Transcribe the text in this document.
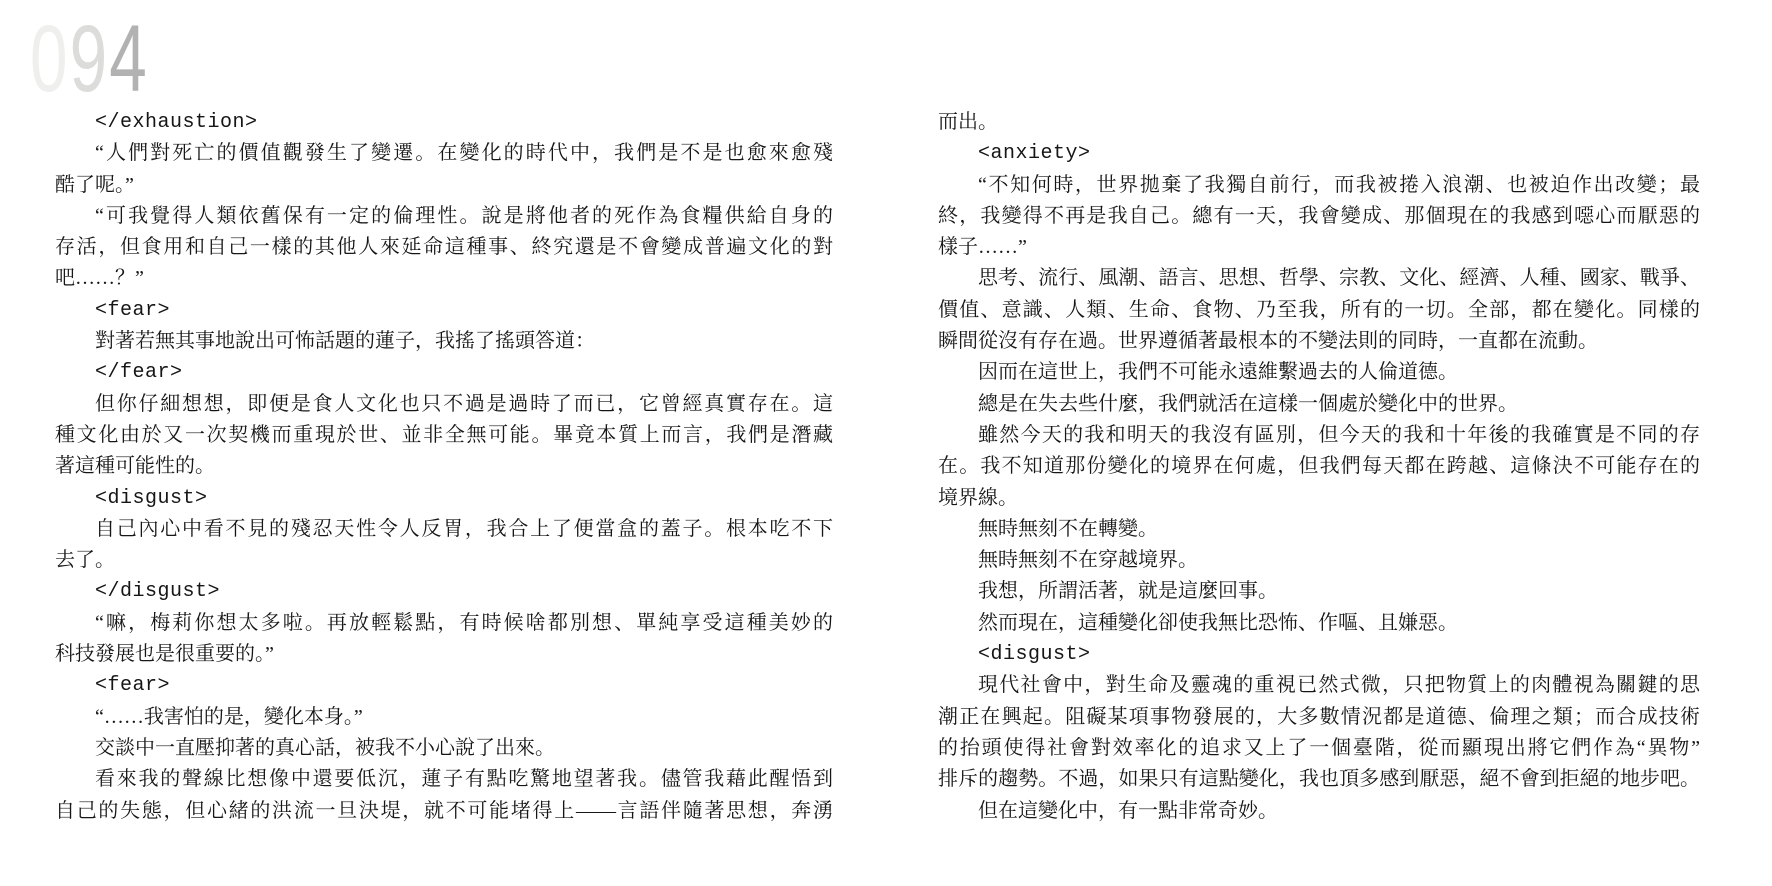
094
</exhaustion>
“人們對死亡的價值觀發生了變遷。在變化的時代中，我們是不是也愈來愈殘
酷了呢。”
“可我覺得人類依舊保有一定的倫理性。說是將他者的死作為食糧供給自身的
存活，但食用和自己一樣的其他人來延命這種事、終究還是不會變成普遍文化的對
吧……？”
<fear>
對著若無其事地說出可怖話題的蓮子，我搖了搖頭答道：
</fear>
但你仔細想想，即便是食人文化也只不過是過時了而已，它曾經真實存在。這
種文化由於又一次契機而重現於世、並非全無可能。畢竟本質上而言，我們是潛藏
著這種可能性的。
<disgust>
自己內心中看不見的殘忍天性令人反胃，我合上了便當盒的蓋子。根本吃不下
去了。
</disgust>
“嘛，梅莉你想太多啦。再放輕鬆點，有時候啥都別想、單純享受這種美妙的
科技發展也是很重要的。”
<fear>
“……我害怕的是，變化本身。”
交談中一直壓抑著的真心話，被我不小心說了出來。
看來我的聲線比想像中還要低沉，蓮子有點吃驚地望著我。儘管我藉此醒悟到
自己的失態，但心緒的洪流一旦決堤，就不可能堵得上——言語伴隨著思想，奔湧
而出。
<anxiety>
“不知何時，世界拋棄了我獨自前行，而我被捲入浪潮、也被迫作出改變；最
終，我變得不再是我自己。總有一天，我會變成、那個現在的我感到噁心而厭惡的
樣子……”
思考、流行、風潮、語言、思想、哲學、宗教、文化、經濟、人種、國家、戰爭、
價值、意識、人類、生命、食物、乃至我，所有的一切。全部，都在變化。同樣的
瞬間從沒有存在過。世界遵循著最根本的不變法則的同時，一直都在流動。
因而在這世上，我們不可能永遠維繫過去的人倫道德。
總是在失去些什麼，我們就活在這樣一個處於變化中的世界。
雖然今天的我和明天的我沒有區別，但今天的我和十年後的我確實是不同的存
在。我不知道那份變化的境界在何處，但我們每天都在跨越、這條決不可能存在的
境界線。
無時無刻不在轉變。
無時無刻不在穿越境界。
我想，所謂活著，就是這麼回事。
然而現在，這種變化卻使我無比恐怖、作嘔、且嫌惡。
<disgust>
現代社會中，對生命及靈魂的重視已然式微，只把物質上的肉體視為關鍵的思
潮正在興起。阻礙某項事物發展的，大多數情況都是道德、倫理之類；而合成技術
的抬頭使得社會對效率化的追求又上了一個臺階，從而顯現出將它們作為“異物”
排斥的趨勢。不過，如果只有這點變化，我也頂多感到厭惡，絕不會到拒絕的地步吧。
但在這變化中，有一點非常奇妙。
